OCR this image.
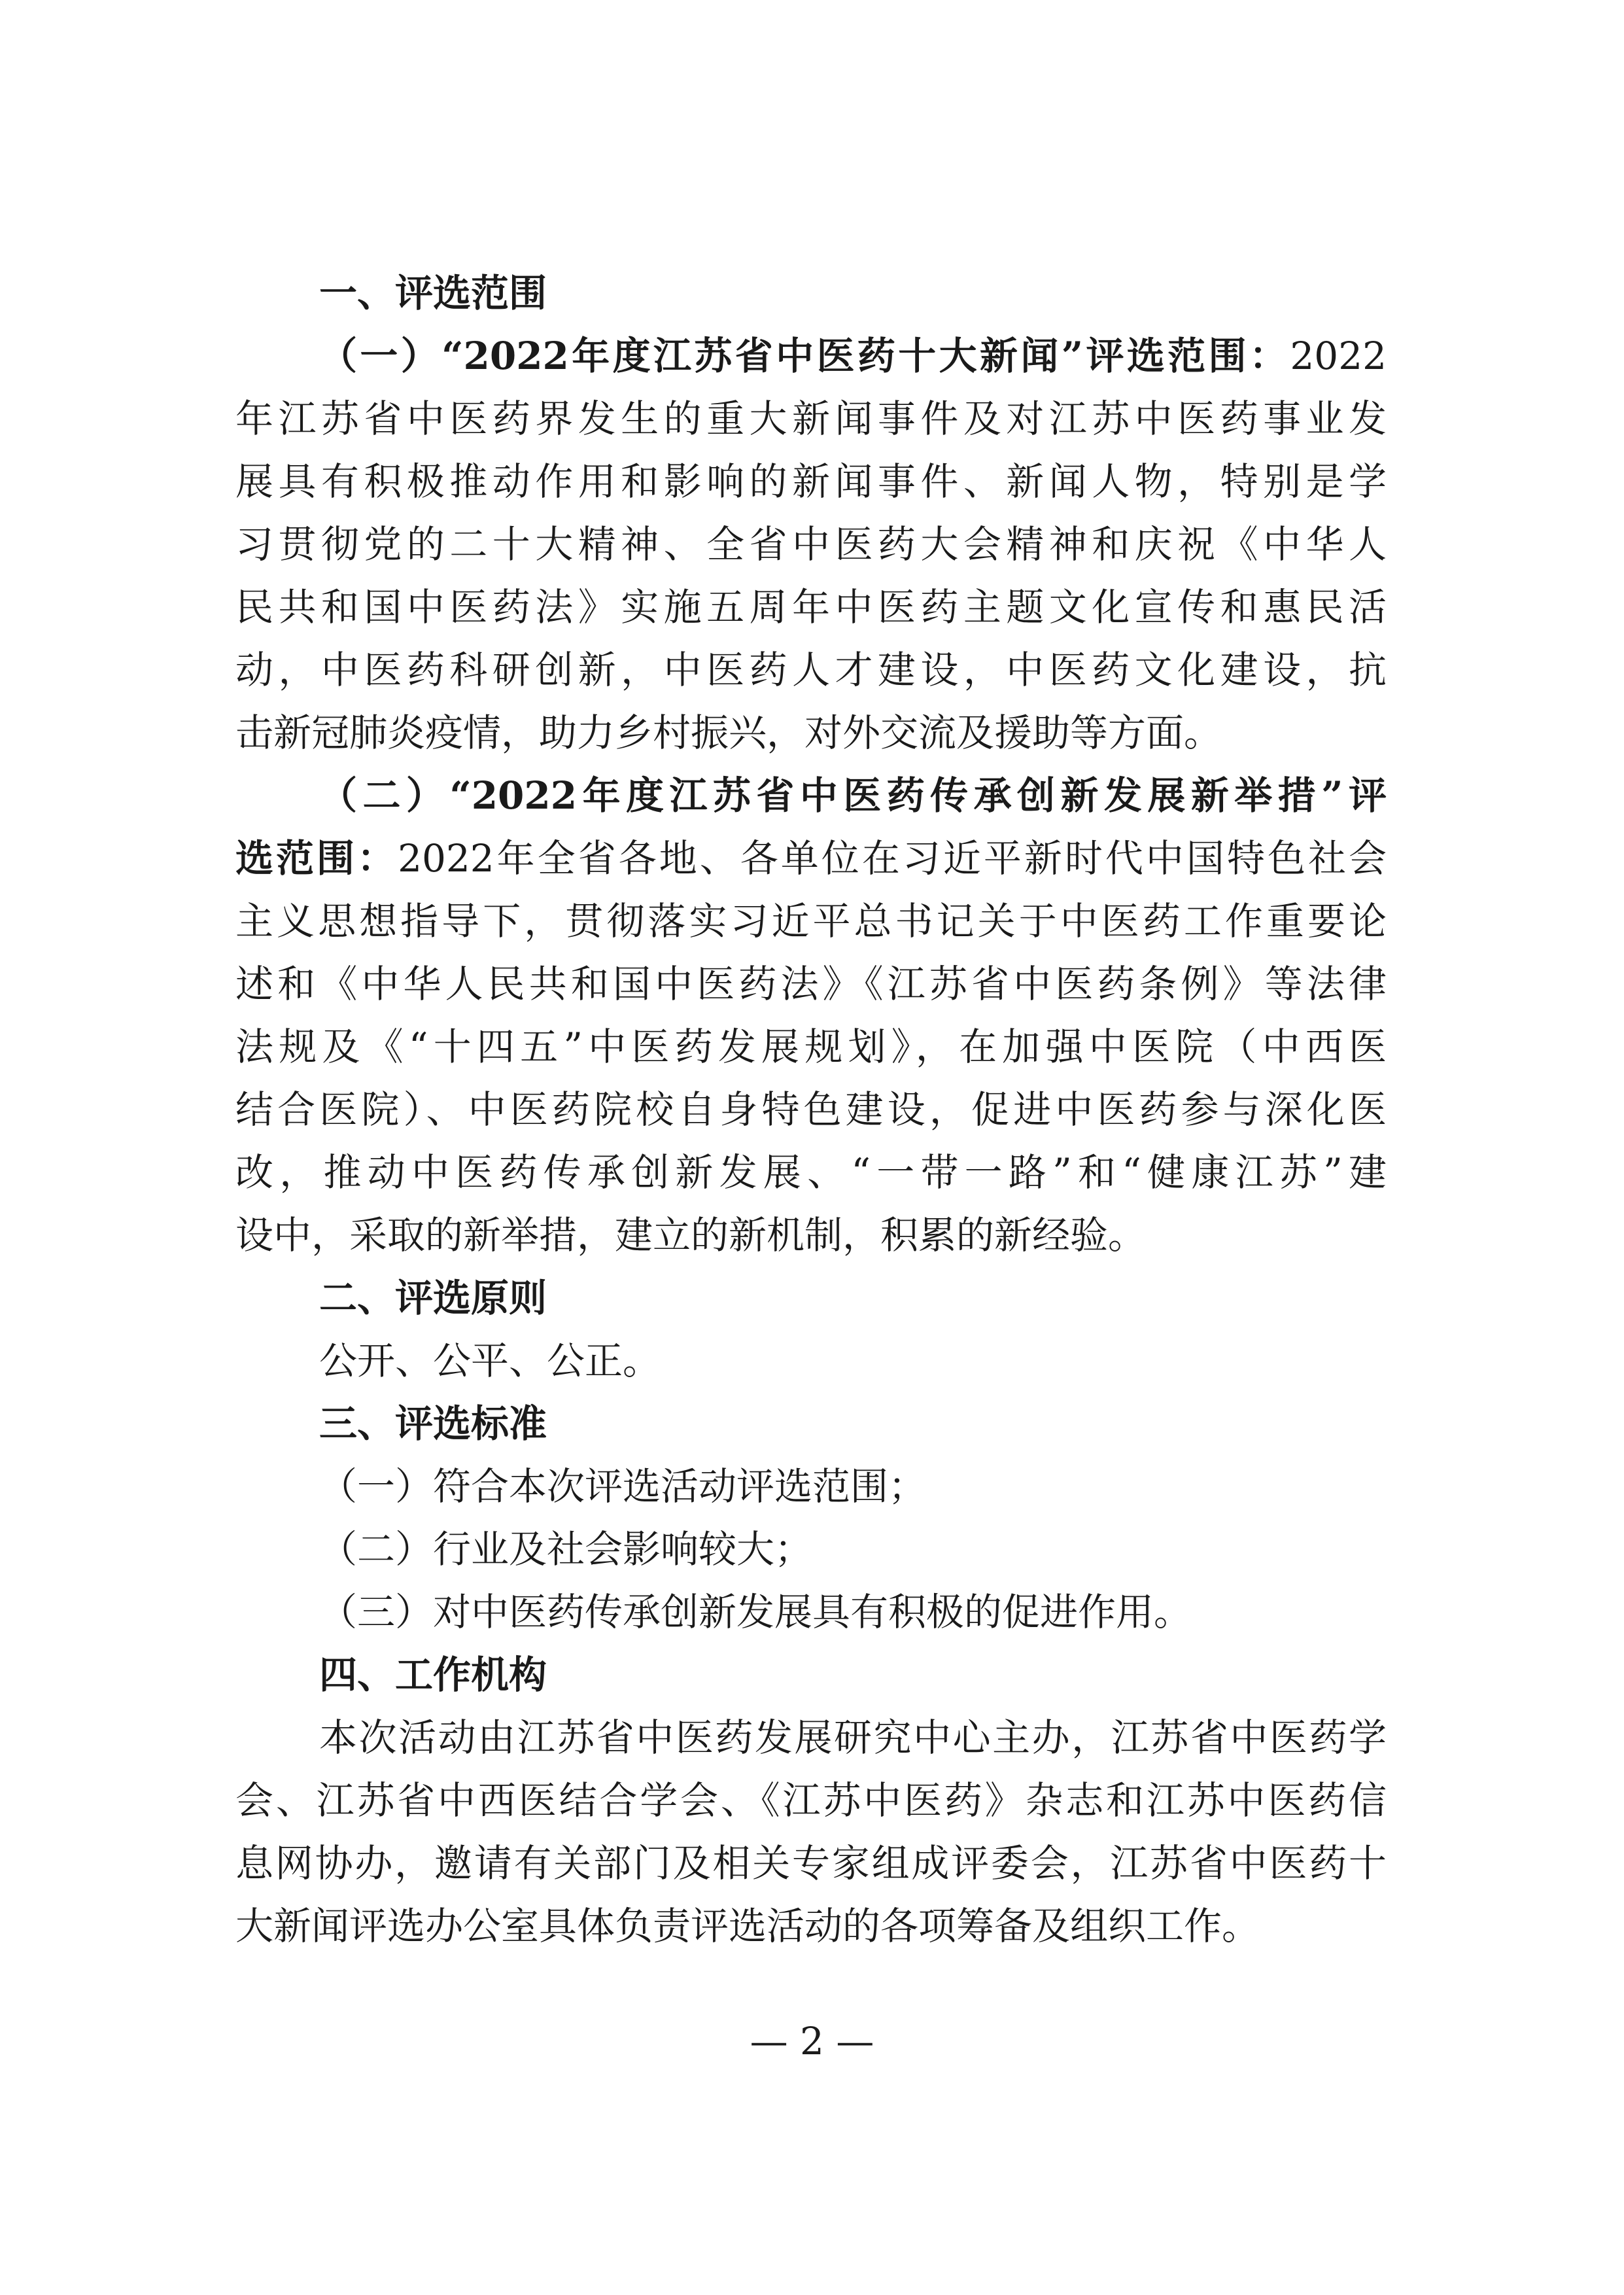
一、评选范围
（一）“2022年度江苏省中医药十大新闻”评选范围：2022
年江苏省中医药界发生的重大新闻事件及对江苏中医药事业发
展具有积极推动作用和影响的新闻事件、新闻人物，特别是学
习贯彻党的二十大精神、全省中医药大会精神和庆祝《中华人
民共和国中医药法》实施五周年中医药主题文化宣传和惠民活
动，中医药科研创新，中医药人才建设，中医药文化建设，抗
击新冠肺炎疫情，助力乡村振兴，对外交流及援助等方面。
（二）“2022年度江苏省中医药传承创新发展新举措”评
选范围：2022年全省各地、各单位在习近平新时代中国特色社会
主义思想指导下，贯彻落实习近平总书记关于中医药工作重要论
述和《中华人民共和国中医药法》《江苏省中医药条例》等法律
法规及《“十四五”中医药发展规划》，在加强中医院（中西医
结合医院）、中医药院校自身特色建设，促进中医药参与深化医
改，推动中医药传承创新发展、“一带一路”和“健康江苏”建
设中，采取的新举措，建立的新机制，积累的新经验。
二、评选原则
公开、公平、公正。
三、评选标准
（一）符合本次评选活动评选范围；
（二）行业及社会影响较大；
（三）对中医药传承创新发展具有积极的促进作用。
四、工作机构
本次活动由江苏省中医药发展研究中心主办，江苏省中医药学
会、江苏省中西医结合学会、《江苏中医药》杂志和江苏中医药信
息网协办，邀请有关部门及相关专家组成评委会，江苏省中医药十
大新闻评选办公室具体负责评选活动的各项筹备及组织工作。
— 2 —
